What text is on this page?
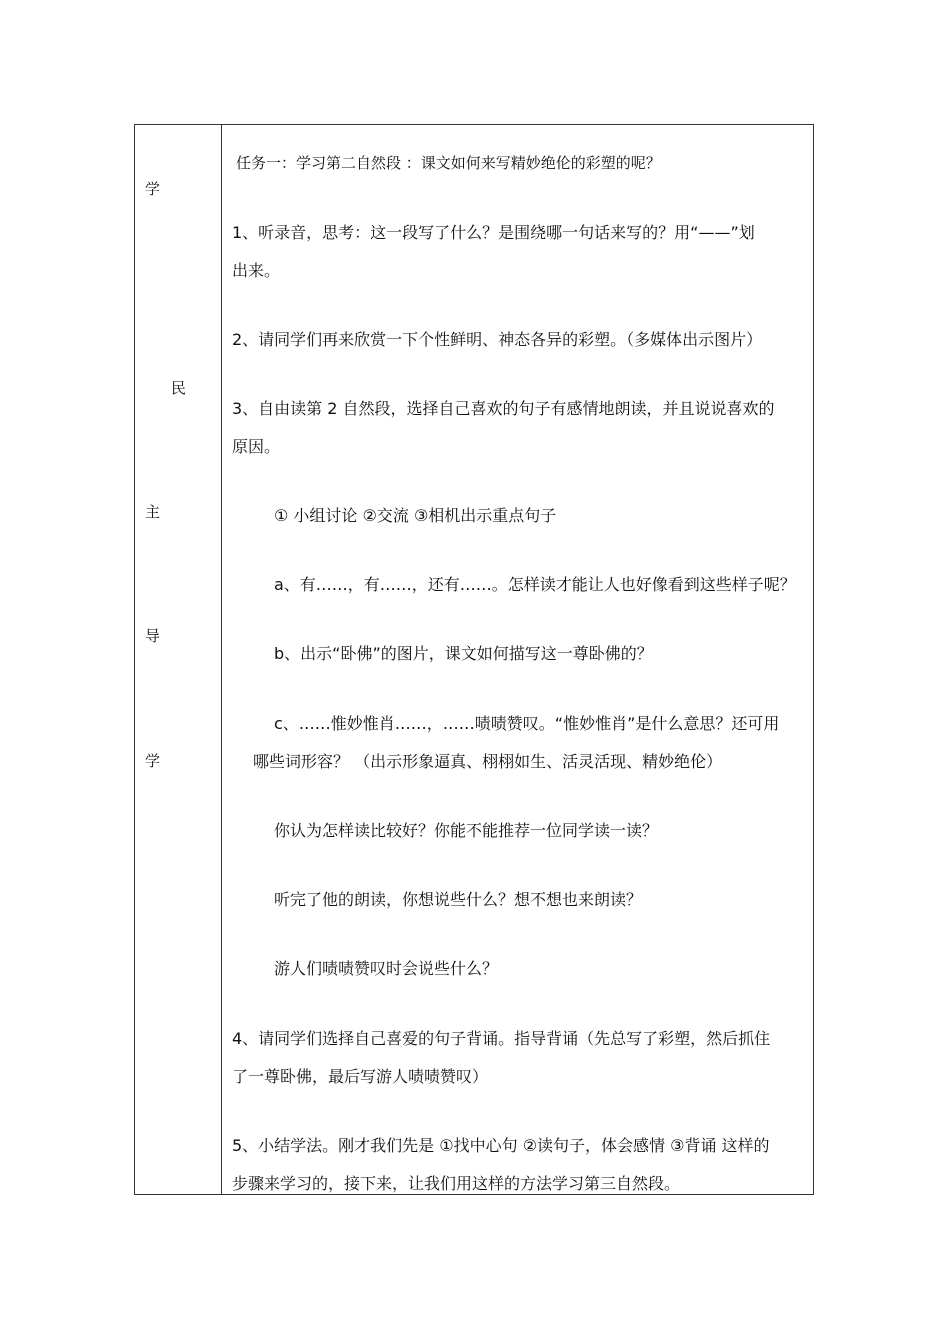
学
民
主
导
学
任务一：学习第二自然段 ：课文如何来写精妙绝伦的彩塑的呢？
1、听录音，思考：这一段写了什么？是围绕哪一句话来写的？用“——”划
出来。
2、请同学们再来欣赏一下个性鲜明、神态各异的彩塑。（多媒体出示图片）
3、自由读第 2 自然段，选择自己喜欢的句子有感情地朗读，并且说说喜欢的
原因。
① 小组讨论 ②交流 ③相机出示重点句子
a、有……，有……，还有……。怎样读才能让人也好像看到这些样子呢？
b、出示“卧佛”的图片，课文如何描写这一尊卧佛的？
c、……惟妙惟肖……，……啧啧赞叹。“惟妙惟肖”是什么意思？还可用
哪些词形容？ （出示形象逼真、栩栩如生、活灵活现、精妙绝伦）
你认为怎样读比较好？你能不能推荐一位同学读一读？
听完了他的朗读，你想说些什么？想不想也来朗读？
游人们啧啧赞叹时会说些什么？
4、请同学们选择自己喜爱的句子背诵。指导背诵（先总写了彩塑，然后抓住
了一尊卧佛，最后写游人啧啧赞叹）
5、小结学法。刚才我们先是 ①找中心句 ②读句子，体会感情 ③背诵 这样的
步骤来学习的，接下来，让我们用这样的方法学习第三自然段。
